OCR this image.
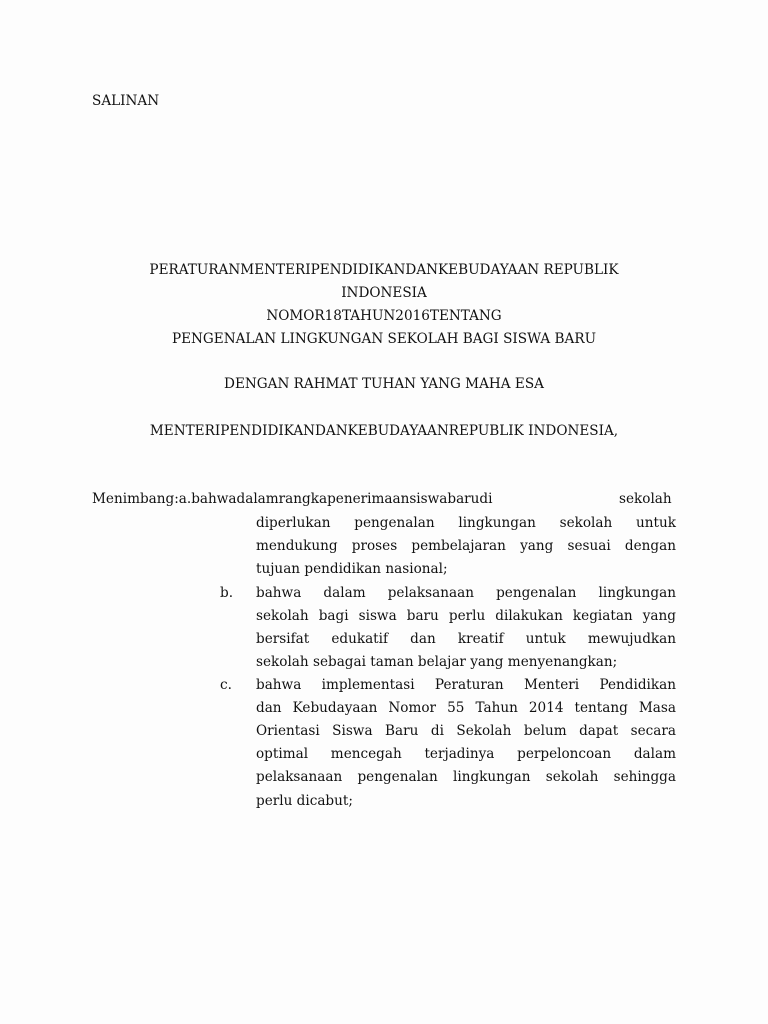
SALINAN
PERATURANMENTERIPENDIDIKANDANKEBUDAYAAN REPUBLIK
INDONESIA
NOMOR18TAHUN2016TENTANG
PENGENALAN LINGKUNGAN SEKOLAH BAGI SISWA BARU
DENGAN RAHMAT TUHAN YANG MAHA ESA
MENTERIPENDIDIKANDANKEBUDAYAANREPUBLIK INDONESIA,
Menimbang:a.bahwadalamrangkapenerimaansiswabarudi	sekolah
diperlukan pengenalan lingkungan sekolah untuk
mendukung proses pembelajaran yang sesuai dengan
tujuan pendidikan nasional;
b. bahwa dalam pelaksanaan pengenalan lingkungan
sekolah bagi siswa baru perlu dilakukan kegiatan yang
bersifat edukatif dan kreatif untuk mewujudkan
sekolah sebagai taman belajar yang menyenangkan;
c. bahwa implementasi Peraturan Menteri Pendidikan
dan Kebudayaan Nomor 55 Tahun 2014 tentang Masa
Orientasi Siswa Baru di Sekolah belum dapat secara
optimal mencegah terjadinya perpeloncoan dalam
pelaksanaan pengenalan lingkungan sekolah sehingga
perlu dicabut;
